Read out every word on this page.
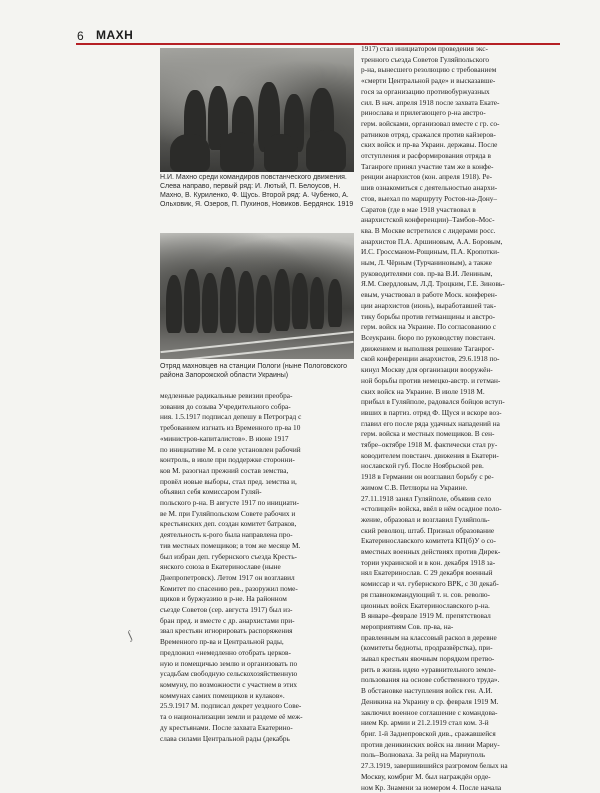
6 МАХН
Н.И. Махно среди командиров повстанческого движения. Слева направо, первый ряд: И. Лютый, П. Белоусов, Н. Махно, В. Куриленко, Ф. Щусь. Второй ряд: А. Чубенко, А. Ольховик, Я. Озеров, П. Пухинов, Новиков. Бердянск. 1919
Отряд махновцев на станции Пологи (ныне Пологовского района Запорожской области Украины)

медленные радикальные ревизии преобра-
зования до созыва Учредительного собра-
ния. 1.5.1917 подписал депешу в Петроград с
требованием изгнать из Временного пр-ва 10
«министров-капиталистов». В июне 1917
по инициативе М. в селе установлен рабочий
контроль, в июле при поддержке сторонни-
ков М. разогнал прежний состав земства,
провёл новые выборы, стал пред. земства и,
объявил себя комиссаром Гуляй-
польского р-на. В августе 1917 по инициати-
ве М. при Гуляйпольском Совете рабочих и
крестьянских деп. создан комитет батраков,
деятельность к-рого была направлена про-
тив местных помещиков; в том же месяце М.
был избран деп. губернского съезда Кресть-
янского союза в Екатеринославе (ныне
Днепропетровск). Летом 1917 он возглавил
Комитет по спасению рев., разоружил поме-
щиков и буржуазию в р-не. На районном
съезде Советов (сер. августа 1917) был из-
бран пред. и вместе с др. анархистами при-
звал крестьян игнорировать распоряжения
Временного пр-ва и Центральной рады,
предложил «немедленно отобрать церков-
ную и помещичью землю и организовать по
усадьбам свободную сельскохозяйственную
коммуну, по возможности с участием в этих
коммунах самих помещиков и кулаков».
25.9.1917 М. подписал декрет уездного Сове-
та о национализации земли и раздеме её меж-
ду крестьянами. После захвата Екатерино-
слава силами Центральной рады (декабрь

1917) стал инициатором проведения экс-
тренного съезда Советов Гуляйпольского
р-на, вынесшего резолюцию с требованием
«смерти Центральной раде» и высказавше-
гося за организацию противобуржуазных
сил. В нач. апреля 1918 после захвата Екате-
ринослава и прилегающего р-на австро-
герм. войсками, организовал вместе с гр. со-
ратников отряд, сражался против кайзеров-
ских войск и пр-ва Украин. державы. После
отступления и расформирования отряда в
Таганроге принял участие там же в конфе-
ренции анархистов (кон. апреля 1918). Ре-
шив ознакомиться с деятельностью анархи-
стов, выехал по маршруту Ростов-на-Дону–
Саратов (где в мае 1918 участвовал в
анархистской конференции)–Тамбов–Мос-
ква. В Москве встретился с лидерами росс.
анархистов П.А. Аршиновым, А.А. Боровым,
И.С. Гроссманом-Рощиным, П.А. Кропотки-
ным, Л. Чёрным (Турчаниновым), а также
руководителями сов. пр-ва В.И. Лениным,
Я.М. Свердловым, Л.Д. Троцким, Г.Е. Зиновь-
евым, участвовал в работе Моск. конферен-
ции анархистов (июнь), выработавшей так-
тику борьбы против гетманщины и австро-
герм. войск на Украине. По согласованию с
Всеукраин. бюро по руководству повстанч.
движением и выполняя решение Таганрог-
ской конференции анархистов, 29.6.1918 по-
кинул Москву для организации вооружён-
ной борьбы против немецко-австр. и гетман-
ских войск на Украине. В июле 1918 М.
прибыл в Гуляйполе, радовался бойцов вступ-
ивших в партиз. отряд Ф. Щуся и вскоре воз-
главил его после ряда удачных нападений на
герм. войска и местных помещиков. В сен-
тябре–октябре 1918 М. фактически стал ру-
ководителем повстанч. движения в Екатери-
нославской губ. После Ноябрьской рев.
1918 в Германии он возглавил борьбу с ре-
жимом С.В. Петлюры на Украине.
27.11.1918 занял Гуляйполе, объявив село
«столицей» войска, ввёл в нём осадное поло-
жение, образовал и возглавил Гуляйполь-
ский революц. штаб. Признал образование
Екатеринославского комитета КП(б)У о со-
вместных военных действиях против Дирек-
тории украинской и в кон. декабря 1918 за-
нял Екатеринослав. С 29 декабря военный
комиссар и чл. губернского ВРК, с 30 декаб-
ря главнокомандующий т. н. сов. револю-
ционных войск Екатеринославского р-на.
В январе–феврале 1919 М. препятствовал
мероприятиям Сов. пр-ва, на-
правленным на классовый раскол в деревне
(комитеты бедноты, продразвёрстка), при-
зывал крестьян явочным порядком претво-
рить в жизнь идею «уравнительного земле-
пользования на основе собственного труда».
В обстановке наступления войск ген. А.И.
Деникина на Украину в ср. февраля 1919 М.
заключил военное соглашение с командова-
нием Кр. армии и 21.2.1919 стал ком. 3-й
бриг. 1-й Заднепровской див., сражавшейся
против деникинских войск на линии Мариу-
поль–Волноваха. За рейд на Мариуполь
27.3.1919, завершившийся разгромом белых на
Москву, комбриг М. был награждён орде-
ном Кр. Знамени за номером 4. После начала

ʃ
